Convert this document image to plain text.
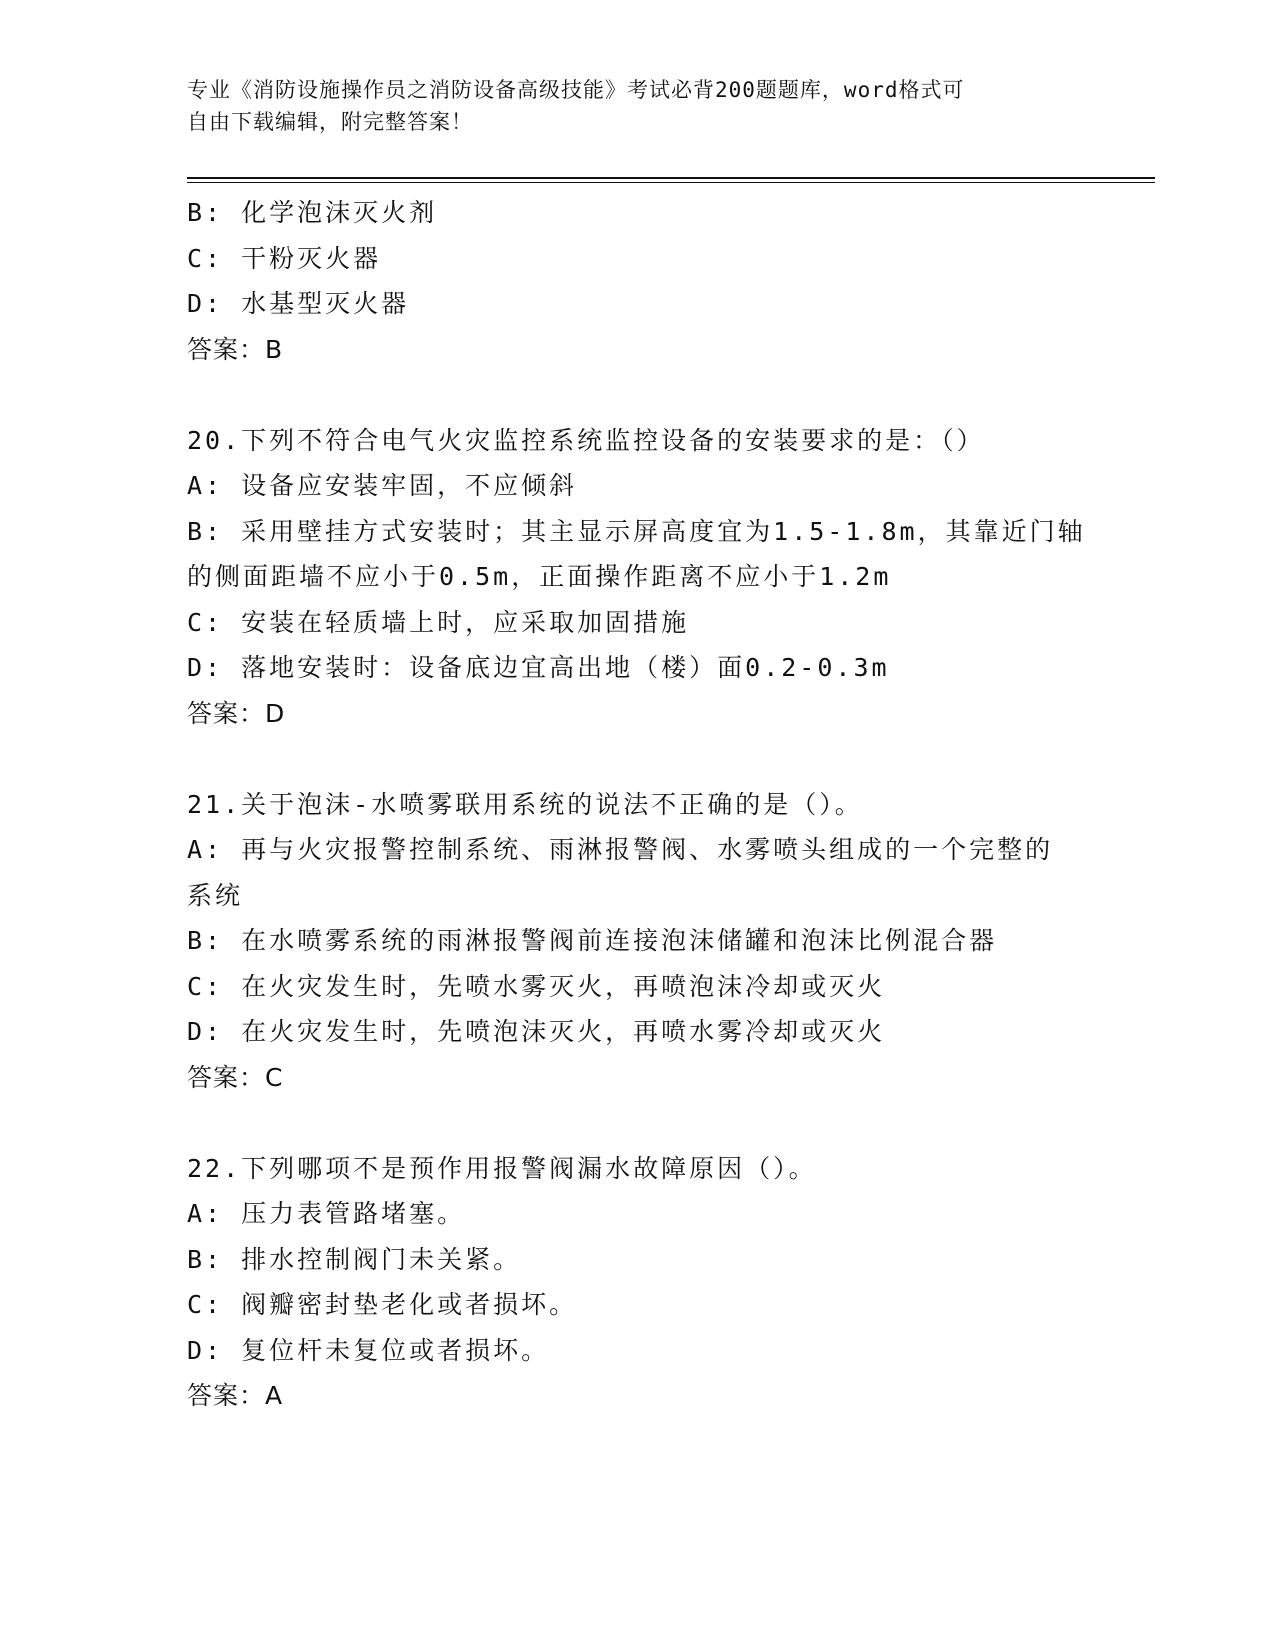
专业《消防设施操作员之消防设备高级技能》考试必背200题题库，word格式可
自由下载编辑，附完整答案！

B: 化学泡沫灭火剂

C: 干粉灭火器

D: 水基型灭火器

答案：B

20.下列不符合电气火灾监控系统监控设备的安装要求的是：（）

A: 设备应安装牢固，不应倾斜

B: 采用壁挂方式安装时；其主显示屏高度宜为1.5-1.8m，其靠近门轴

的侧面距墙不应小于0.5m，正面操作距离不应小于1.2m

C: 安装在轻质墙上时，应采取加固措施

D: 落地安装时：设备底边宜高出地（楼）面0.2-0.3m

答案：D

21.关于泡沫-水喷雾联用系统的说法不正确的是（）。

A: 再与火灾报警控制系统、雨淋报警阀、水雾喷头组成的一个完整的

系统

B: 在水喷雾系统的雨淋报警阀前连接泡沫储罐和泡沫比例混合器

C: 在火灾发生时，先喷水雾灭火，再喷泡沫冷却或灭火

D: 在火灾发生时，先喷泡沫灭火，再喷水雾冷却或灭火

答案：C

22.下列哪项不是预作用报警阀漏水故障原因（）。

A: 压力表管路堵塞。

B: 排水控制阀门未关紧。

C: 阀瓣密封垫老化或者损坏。

D: 复位杆未复位或者损坏。

答案：A
